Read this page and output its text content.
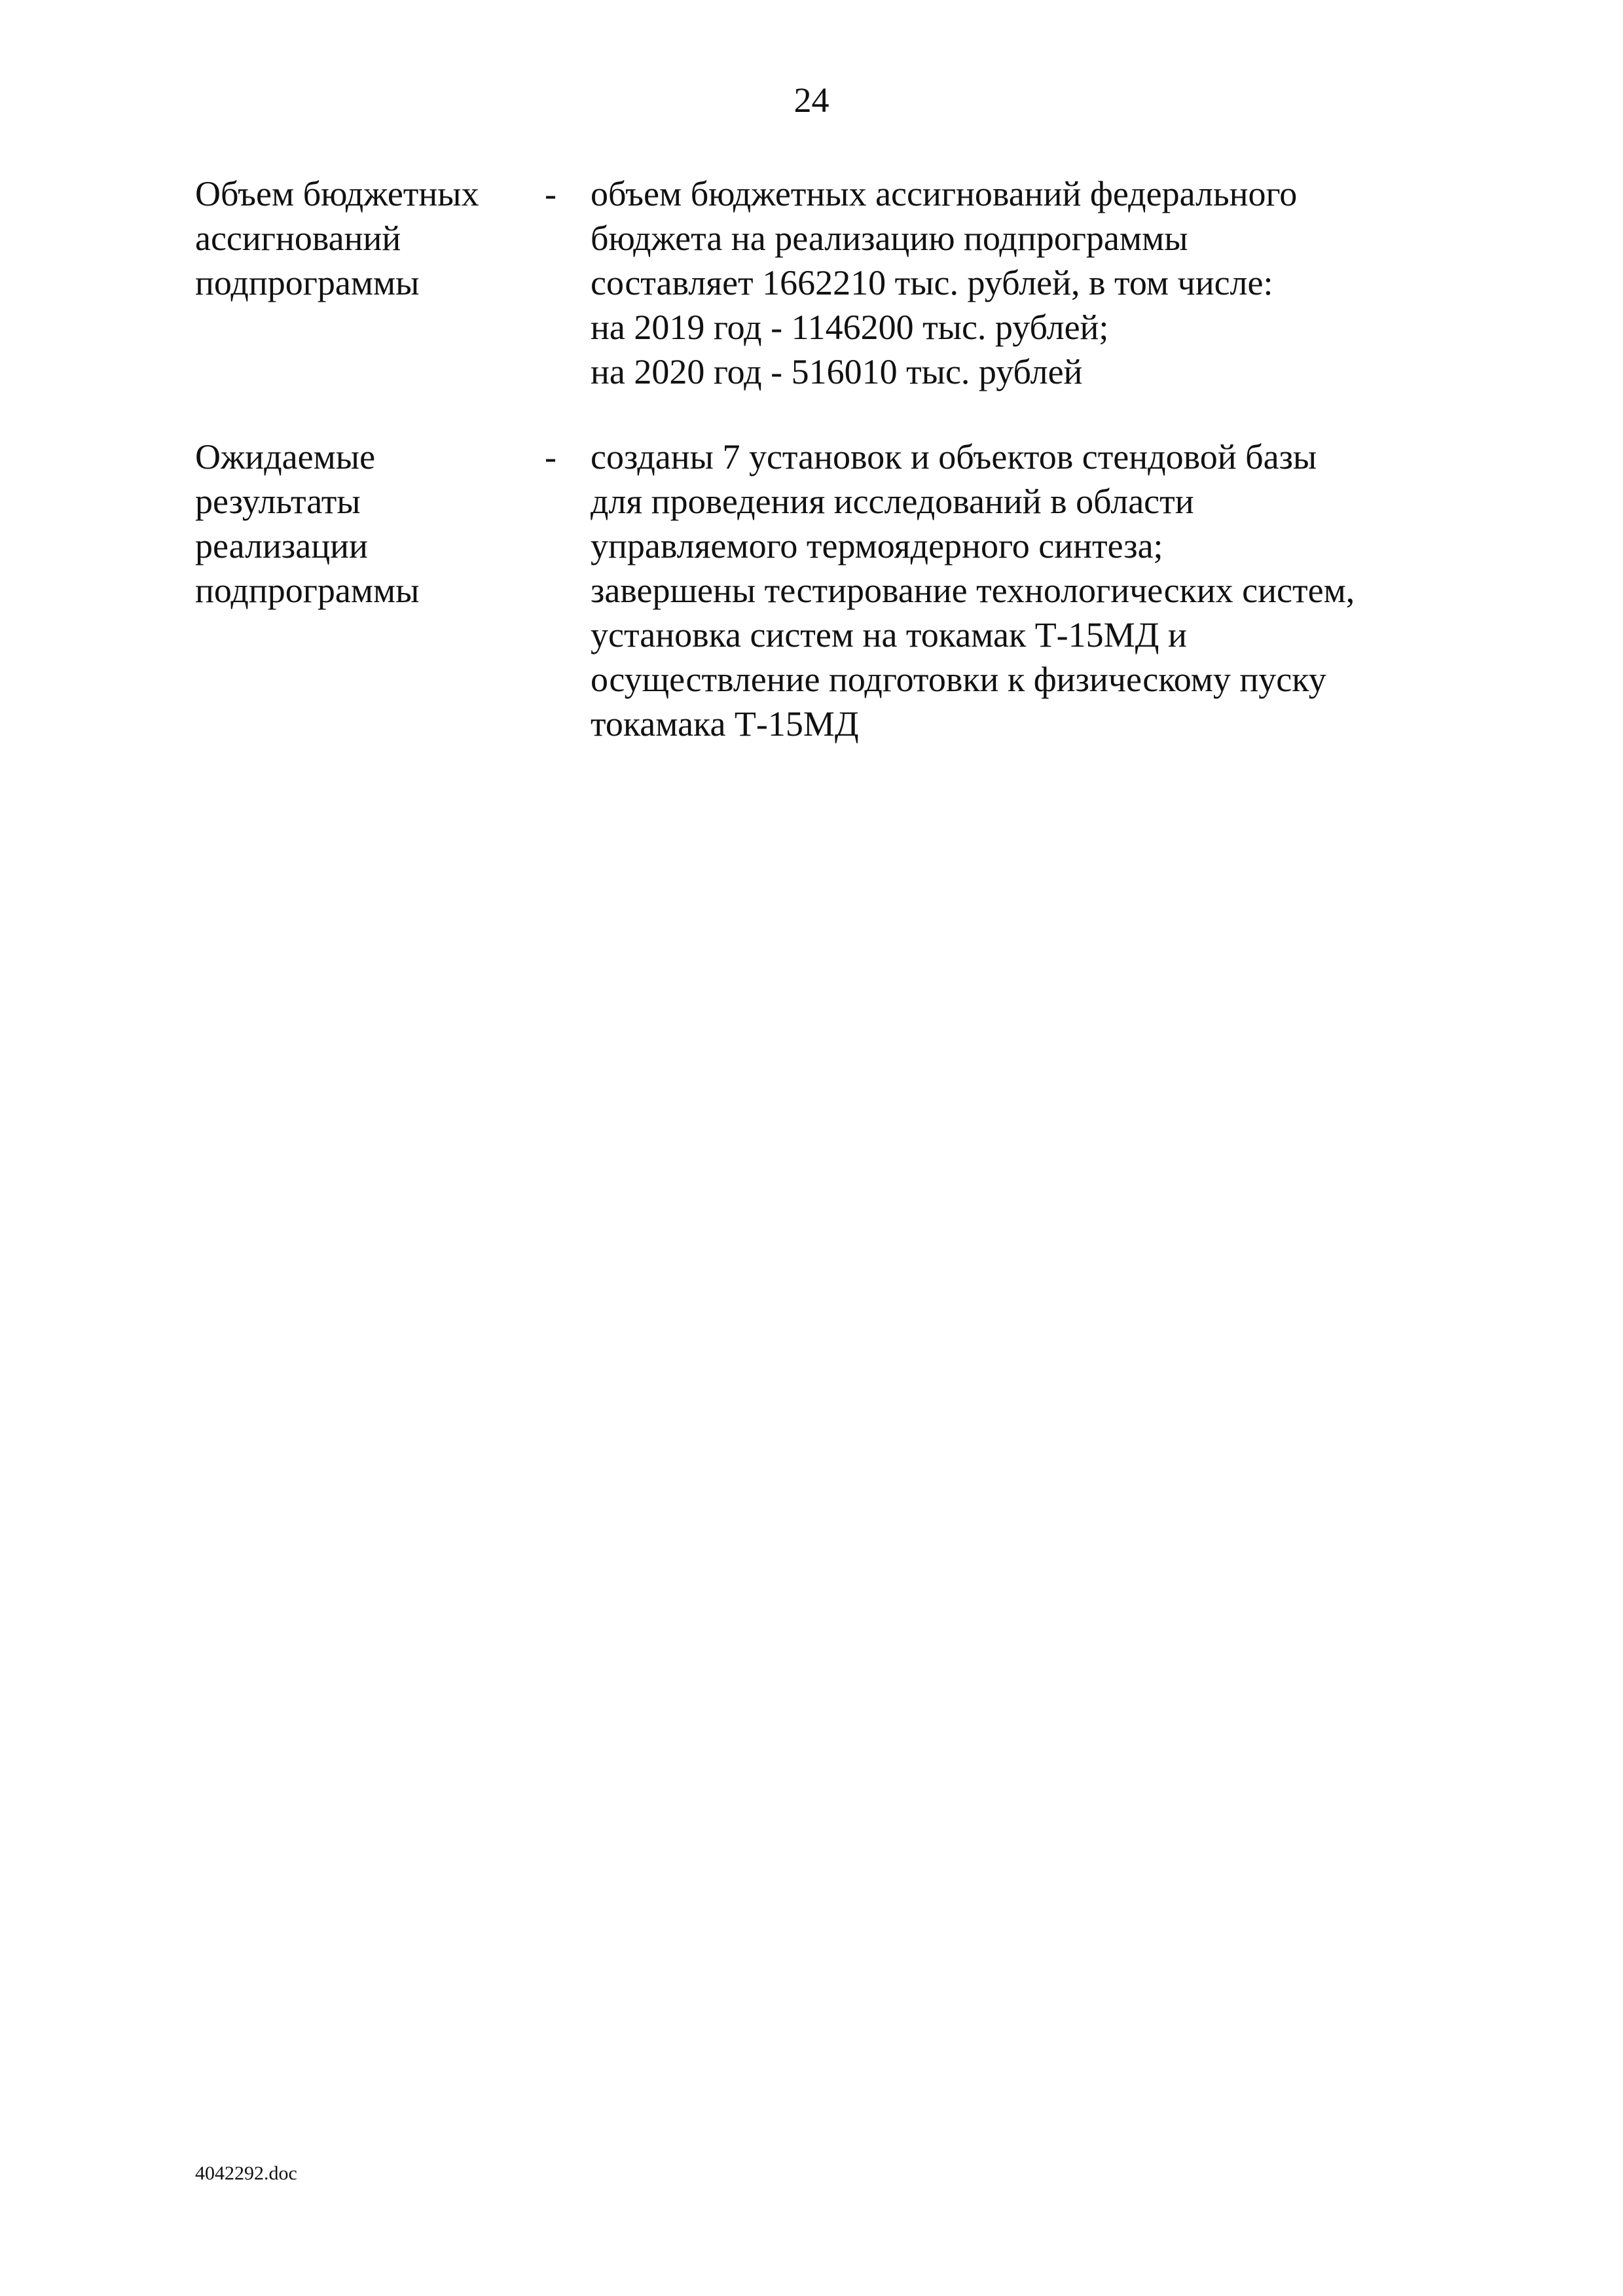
24
Объем бюджетных
ассигнований
подпрограммы
- объем бюджетных ассигнований федерального
бюджета на реализацию подпрограммы
составляет 1662210 тыс. рублей, в том числе:
на 2019 год - 1146200 тыс. рублей;
на 2020 год - 516010 тыс. рублей
Ожидаемые
результаты
реализации
подпрограммы
- созданы 7 установок и объектов стендовой базы
для проведения исследований в области
управляемого термоядерного синтеза;
завершены тестирование технологических систем,
установка систем на токамак Т-15МД и
осуществление подготовки к физическому пуску
токамака Т-15МД
4042292.doc
